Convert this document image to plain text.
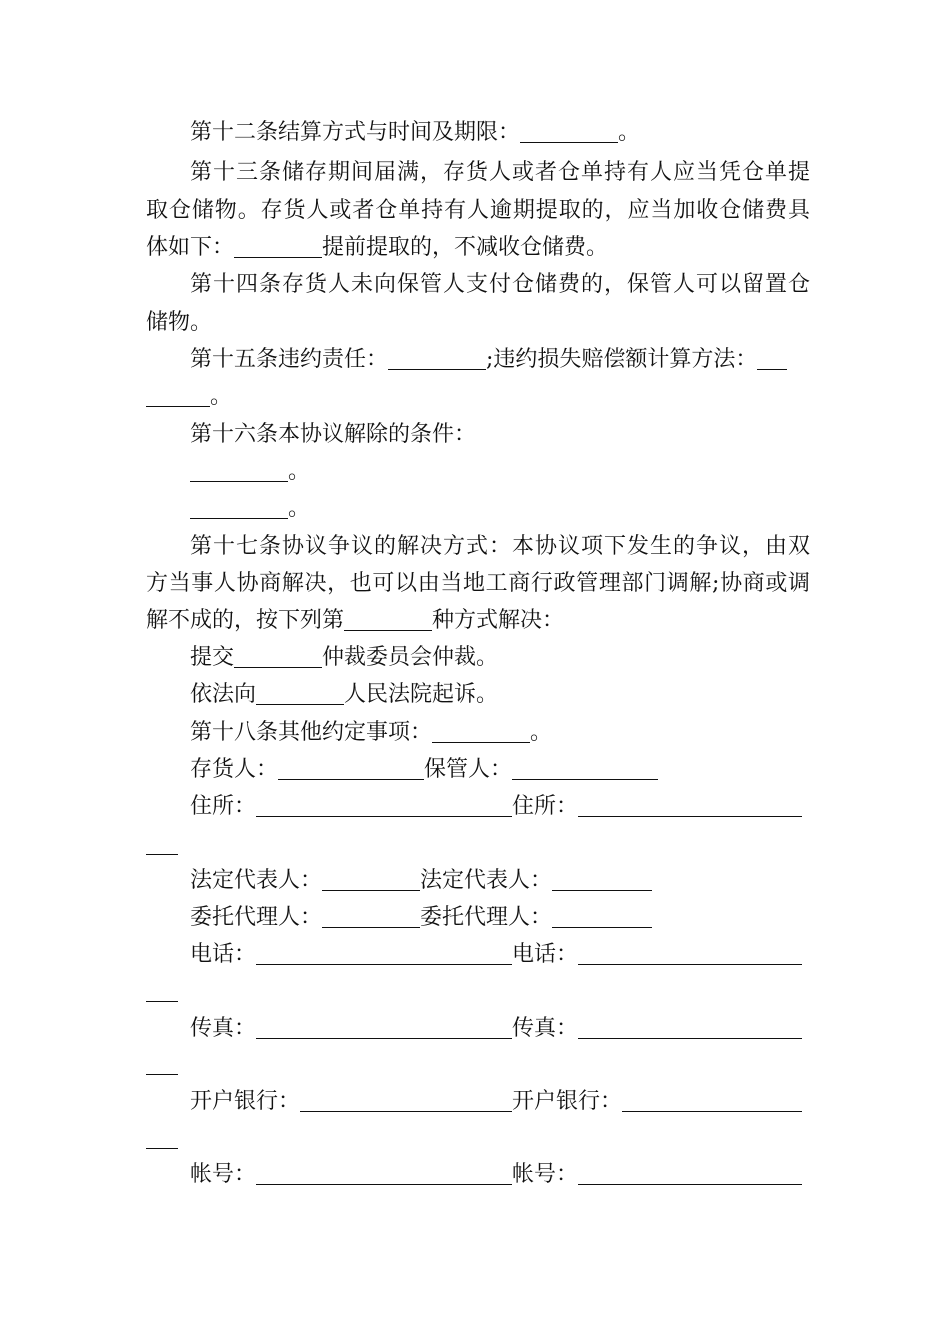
第十二条结算方式与时间及期限：	。
第十三条储存期间届满，存货人或者仓单持有人应当凭仓单提
取仓储物。存货人或者仓单持有人逾期提取的，应当加收仓储费具
体如下：	提前提取的，不减收仓储费。
第十四条存货人未向保管人支付仓储费的，保管人可以留置仓
储物。
第十五条违约责任：	;违约损失赔偿额计算方法：
。
第十六条本协议解除的条件：
。
。
第十七条协议争议的解决方式：本协议项下发生的争议，由双
方当事人协商解决，也可以由当地工商行政管理部门调解;协商或调
解不成的，按下列第	种方式解决：
提交	仲裁委员会仲裁。
依法向	人民法院起诉。
第十八条其他约定事项：	。
存货人：	保管人：
住所：	住所：
法定代表人：	法定代表人：
委托代理人：	委托代理人：
电话：	电话：
传真：	传真：
开户银行：	开户银行：
帐号：	帐号：
